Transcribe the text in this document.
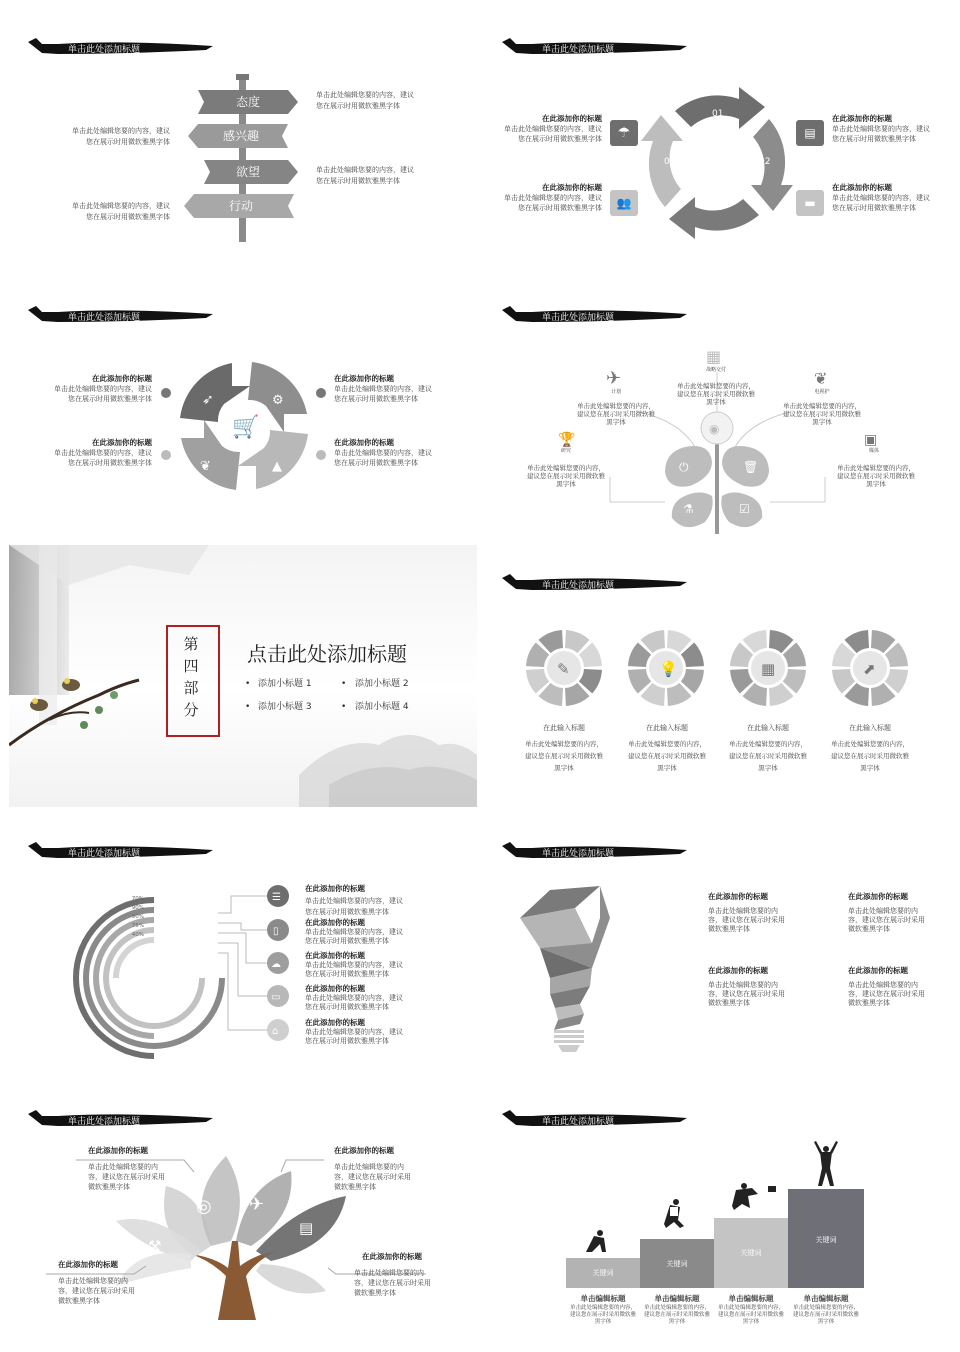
单击此处添加标题
态度
感兴趣
欲望
行动
单击此处编辑您要的内容，建议
您在展示时用微软雅黑字体
单击此处编辑您要的内容，建议
您在展示时用微软雅黑字体
单击此处编辑您要的内容，建议
您在展示时用微软雅黑字体
单击此处编辑您要的内容，建议
您在展示时用微软雅黑字体
单击此处添加标题
01
02
03
04
☂
👥
▤
▬
在此添加你的标题
单击此处编辑您要的内容，建议
您在展示时用微软雅黑字体
在此添加你的标题
单击此处编辑您要的内容，建议
您在展示时用微软雅黑字体
在此添加你的标题
单击此处编辑您要的内容，建议
您在展示时用微软雅黑字体
在此添加你的标题
单击此处编辑您要的内容，建议
您在展示时用微软雅黑字体
单击此处添加标题
➶	⚙
▲
❦
🛒
在此添加你的标题
单击此处编辑您要的内容，建议
您在展示时用微软雅黑字体
在此添加你的标题
单击此处编辑您要的内容，建议
您在展示时用微软雅黑字体
在此添加你的标题
单击此处编辑您要的内容，建议
您在展示时用微软雅黑字体
在此添加你的标题
单击此处编辑您要的内容，建议
您在展示时用微软雅黑字体
单击此处添加标题
◉
⏻	🗑
⚗	☑
✈
▦
❦
🏆	▣
计划
战略交付
电视护
研究	媒体
单击此处编辑您要的内容，
建议您在展示时采用微软雅
黑字体
单击此处编辑您要的内容，
建议您在展示时采用微软雅
黑字体	单击此处编辑您要的内容，
建议您在展示时采用微软雅
黑字体
单击此处编辑您要的内容，
建议您在展示时采用微软雅
黑字体
单击此处编辑您要的内容，
建议您在展示时采用微软雅
黑字体
第
四
部
分
点击此处添加标题
• 添加小标题 1	• 添加小标题 2
• 添加小标题 3	• 添加小标题 4
单击此处添加标题
✎	💡	▦	⬈
在此输入标题
单击此处编辑您要的内容，
建议您在展示时采用微软雅
黑字体
在此输入标题
单击此处编辑您要的内容，
建议您在展示时采用微软雅
黑字体
在此输入标题
单击此处编辑您要的内容，
建议您在展示时采用微软雅
黑字体
在此输入标题
单击此处编辑您要的内容，
建议您在展示时采用微软雅
黑字体
单击此处添加标题
☰
▯
☁
▭
⌂
70%
90%
50%
75%
40%
在此添加你的标题
单击此处编辑您要的内容，建议
您在展示时用微软雅黑字体
在此添加你的标题
单击此处编辑您要的内容，建议
您在展示时用微软雅黑字体
在此添加你的标题
单击此处编辑您要的内容，建议
您在展示时用微软雅黑字体
在此添加你的标题
单击此处编辑您要的内容，建议
您在展示时用微软雅黑字体
在此添加你的标题
单击此处编辑您要的内容，建议
您在展示时用微软雅黑字体
单击此处添加标题
在此添加你的标题
单击此处编辑您要的内
容，建议您在展示时采用
微软雅黑字体
在此添加你的标题
单击此处编辑您要的内
容，建议您在展示时采用
微软雅黑字体
在此添加你的标题
单击此处编辑您要的内
容，建议您在展示时采用
微软雅黑字体
在此添加你的标题
单击此处编辑您要的内
容，建议您在展示时采用
微软雅黑字体
单击此处添加标题
◎ ✈
▤
⚒
在此添加你的标题
单击此处编辑您要的内
容，建议您在展示时采用
微软雅黑字体
在此添加你的标题
单击此处编辑您要的内
容，建议您在展示时采用
微软雅黑字体
在此添加你的标题
单击此处编辑您要的内
容，建议您在展示时采用
微软雅黑字体
在此添加你的标题
单击此处编辑您要的内
容，建议您在展示时采用
微软雅黑字体
单击此处添加标题
关键词
关键词
关键词
关键词
单击编辑标题
单击此处编辑您要的内容，
建议您在展示时采用微软雅
黑字体
单击编辑标题
单击此处编辑您要的内容，
建议您在展示时采用微软雅
黑字体
单击编辑标题
单击此处编辑您要的内容，
建议您在展示时采用微软雅
黑字体
单击编辑标题
单击此处编辑您要的内容，
建议您在展示时采用微软雅
黑字体
